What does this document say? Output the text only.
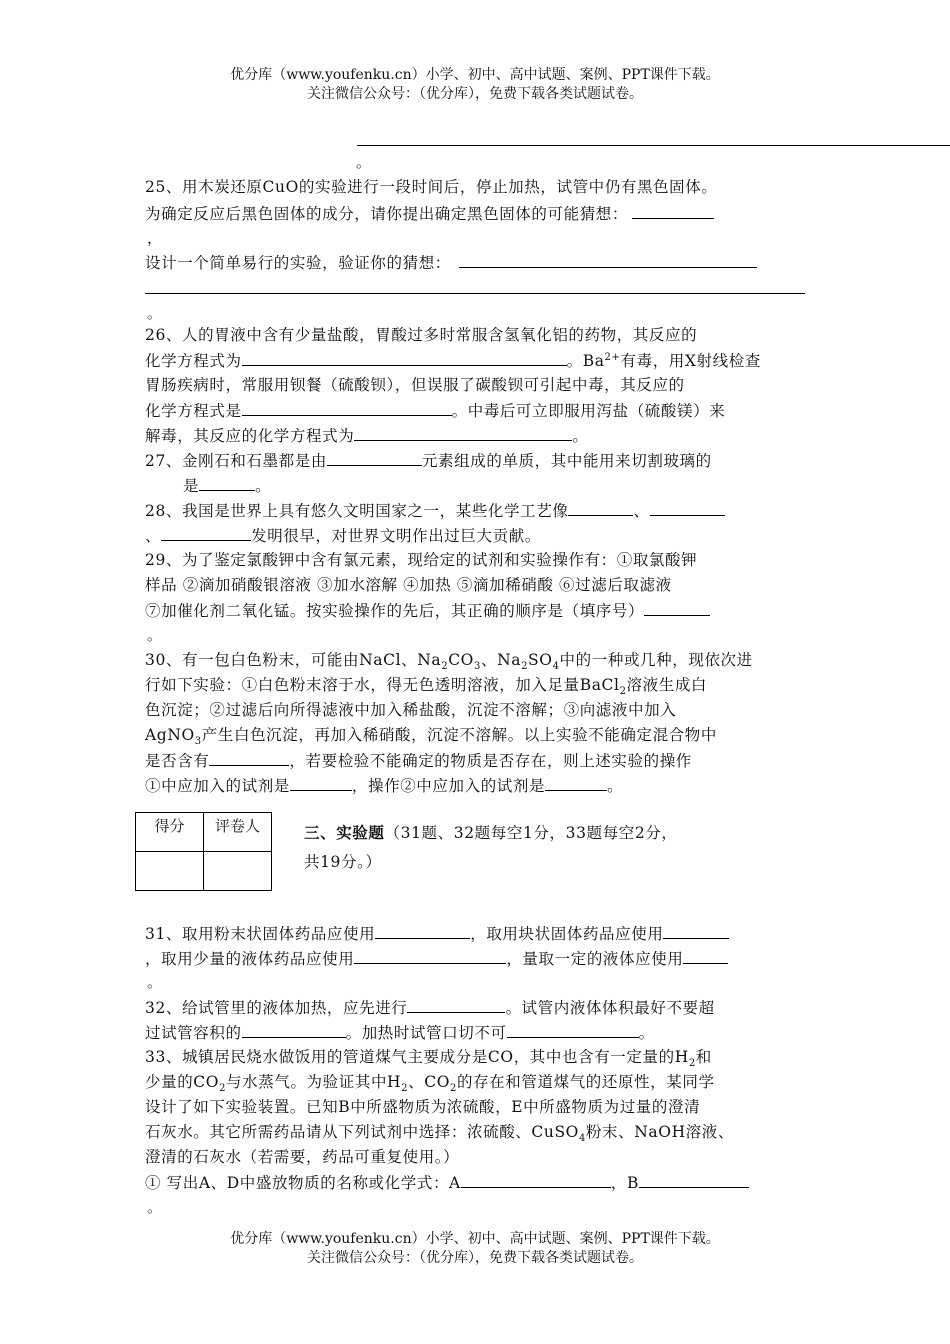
优分库（www.youfenku.cn）小学、初中、高中试题、案例、PPT课件下载。
关注微信公众号：（优分库），免费下载各类试题试卷。
。
25、用木炭还原CuO的实验进行一段时间后，停止加热，试管中仍有黑色固体。
为确定反应后黑色固体的成分，请你提出确定黑色固体的可能猜想：
，
设计一个简单易行的实验，验证你的猜想：
。
26、人的胃液中含有少量盐酸，胃酸过多时常服含氢氧化铝的药物，其反应的
化学方程式为	。$Ba^{2+}$有毒，用X射线检查
胃肠疾病时，常服用钡餐（硫酸钡），但误服了碳酸钡可引起中毒，其反应的
化学方程式是	。中毒后可立即服用泻盐（硫酸镁）来
解毒，其反应的化学方程式为	。
27、金刚石和石墨都是由	元素组成的单质，其中能用来切割玻璃的
是	。
28、我国是世界上具有悠久文明国家之一，某些化学工艺像	、
、	发明很早，对世界文明作出过巨大贡献。
29、为了鉴定氯酸钾中含有氯元素，现给定的试剂和实验操作有：①取氯酸钾
样品 ②滴加硝酸银溶液 ③加水溶解 ④加热 ⑤滴加稀硝酸 ⑥过滤后取滤液
⑦加催化剂二氧化锰。按实验操作的先后，其正确的顺序是（填序号）
。
30、有一包白色粉末，可能由NaCl、$Na_2CO_3$、$Na_2SO_4$中的一种或几种，现依次进
行如下实验：①白色粉末溶于水，得无色透明溶液，加入足量BaCl$_2$溶液生成白
色沉淀；②过滤后向所得滤液中加入稀盐酸，沉淀不溶解；③向滤液中加入
AgNO$_3$产生白色沉淀，再加入稀硝酸，沉淀不溶解。以上实验不能确定混合物中
是否含有	，若要检验不能确定的物质是否存在，则上述实验的操作
①中应加入的试剂是	，操作②中应加入的试剂是	。
得分	评卷人
		三、实验题（31题、32题每空1分，33题每空2分，
共19分。）
31、取用粉末状固体药品应使用	，取用块状固体药品应使用
，取用少量的液体药品应使用	，量取一定的液体应使用
。
32、给试管里的液体加热，应先进行	。试管内液体体积最好不要超
过试管容积的	。加热时试管口切不可	。
33、城镇居民烧水做饭用的管道煤气主要成分是CO，其中也含有一定量的$H_2$和
少量的$CO_2$与水蒸气。为验证其中$H_2$、$CO_2$的存在和管道煤气的还原性，某同学
设计了如下实验装置。已知B中所盛物质为浓硫酸，E中所盛物质为过量的澄清
石灰水。其它所需药品请从下列试剂中选择：浓硫酸、CuSO$_4$粉末、NaOH溶液、
澄清的石灰水（若需要，药品可重复使用。）
① 写出A、D中盛放物质的名称或化学式：A	，B
。
优分库（www.youfenku.cn）小学、初中、高中试题、案例、PPT课件下载。
关注微信公众号：（优分库），免费下载各类试题试卷。
